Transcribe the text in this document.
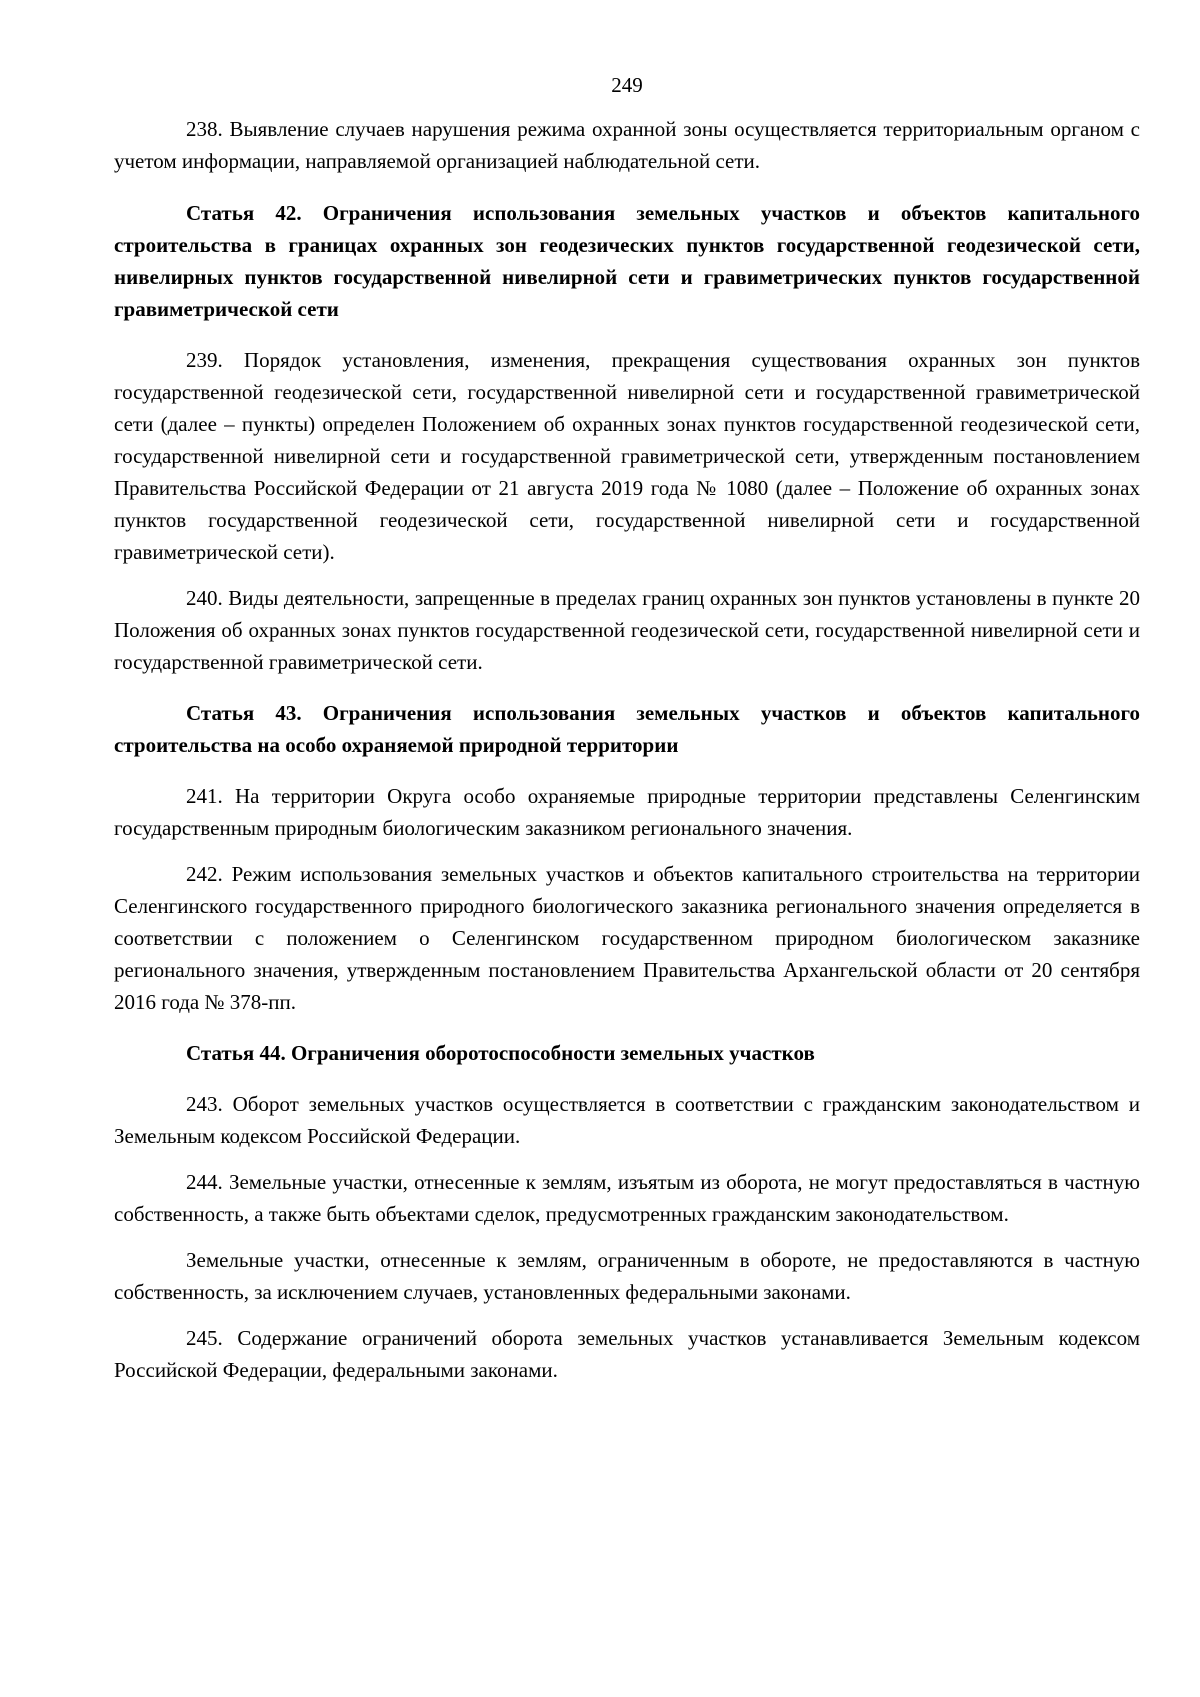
249

238. Выявление случаев нарушения режима охранной зоны осуществляется территориальным органом с учетом информации, направляемой организацией наблюдательной сети.

Статья 42. Ограничения использования земельных участков и объектов капитального строительства в границах охранных зон геодезических пунктов государственной геодезической сети, нивелирных пунктов государственной нивелирной сети и гравиметрических пунктов государственной гравиметрической сети

239. Порядок установления, изменения, прекращения существования охранных зон пунктов государственной геодезической сети, государственной нивелирной сети и государственной гравиметрической сети (далее – пункты) определен Положением об охранных зонах пунктов государственной геодезической сети, государственной нивелирной сети и государственной гравиметрической сети, утвержденным постановлением Правительства Российской Федерации от 21 августа 2019 года № 1080 (далее – Положение об охранных зонах пунктов государственной геодезической сети, государственной нивелирной сети и государственной гравиметрической сети).

240. Виды деятельности, запрещенные в пределах границ охранных зон пунктов установлены в пункте 20 Положения об охранных зонах пунктов государственной геодезической сети, государственной нивелирной сети и государственной гравиметрической сети.

Статья 43. Ограничения использования земельных участков и объектов капитального строительства на особо охраняемой природной территории

241. На территории Округа особо охраняемые природные территории представлены Селенгинским государственным природным биологическим заказником регионального значения.

242. Режим использования земельных участков и объектов капитального строительства на территории Селенгинского государственного природного биологического заказника регионального значения определяется в соответствии с положением о Селенгинском государственном природном биологическом заказнике регионального значения, утвержденным постановлением Правительства Архангельской области от 20 сентября 2016 года № 378-пп.

Статья 44. Ограничения оборотоспособности земельных участков

243. Оборот земельных участков осуществляется в соответствии с гражданским законодательством и Земельным кодексом Российской Федерации.

244. Земельные участки, отнесенные к землям, изъятым из оборота, не могут предоставляться в частную собственность, а также быть объектами сделок, предусмотренных гражданским законодательством.

Земельные участки, отнесенные к землям, ограниченным в обороте, не предоставляются в частную собственность, за исключением случаев, установленных федеральными законами.

245. Содержание ограничений оборота земельных участков устанавливается Земельным кодексом Российской Федерации, федеральными законами.
